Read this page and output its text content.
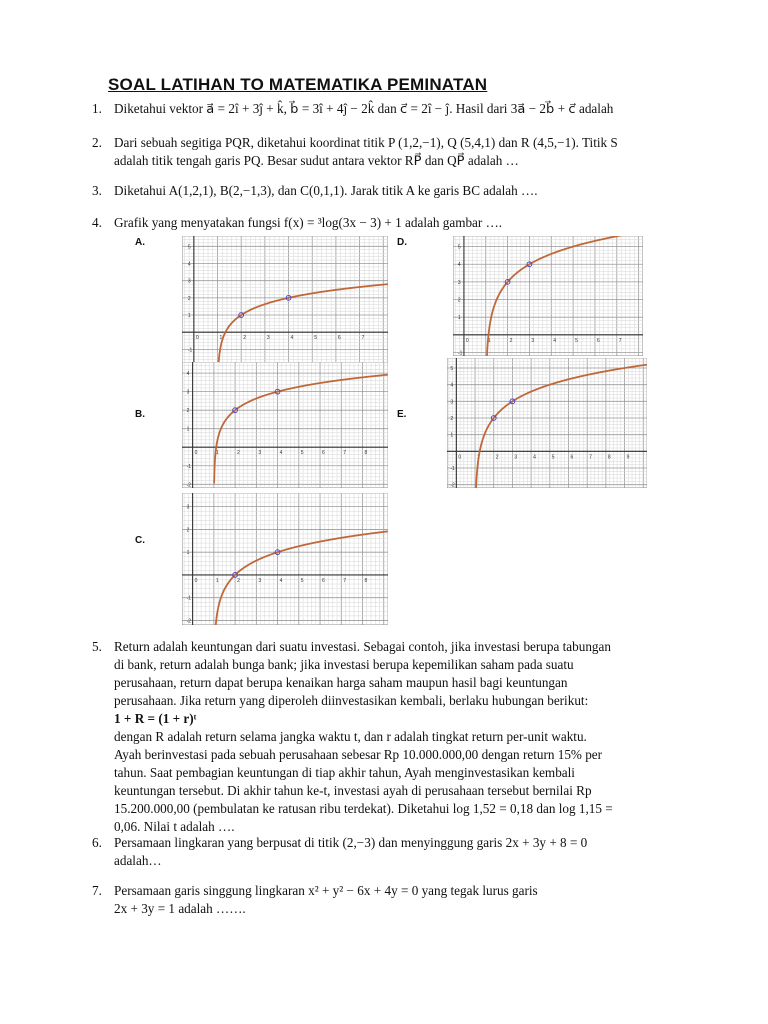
SOAL LATIHAN TO MATEMATIKA PEMINATAN
1. Diketahui vektor a⃗ = 2î + 3ĵ + k̂, b⃗ = 3î + 4ĵ − 2k̂ dan c⃗ = 2î − ĵ. Hasil dari 3a⃗ − 2b⃗ + c⃗ adalah

2. Dari sebuah segitiga PQR, diketahui koordinat titik P (1,2,−1), Q (5,4,1) dan R (4,5,−1). Titik S

adalah titik tengah garis PQ. Besar sudut antara vektor RP⃗ dan QP⃗ adalah …

3. Diketahui A(1,2,1), B(2,−1,3), dan C(0,1,1). Jarak titik A ke garis BC adalah ….

4. Grafik yang menyatakan fungsi f(x) = ³log(3x − 3) + 1 adalah gambar ….

A.	D.
B.	E.
C.
0	1	2	3	4	5	6	7
5
4
3
2
1
-1
0	1	2	3	4	5	6	7
5
4
3
2
1
-1
0	1	2	3	4	5	6	7	8
4
3
2
1
-1
-2
0	1	2	3	4	5	6	7	8	9
5
4
3
2
1
-1
-2
0	1	2	3	4	5	6	7	8
3
2
1
-1
-2
5. Return adalah keuntungan dari suatu investasi. Sebagai contoh, jika investasi berupa tabungan

di bank, return adalah bunga bank; jika investasi berupa kepemilikan saham pada suatu

perusahaan, return dapat berupa kenaikan harga saham maupun hasil bagi keuntungan

perusahaan. Jika return yang diperoleh diinvestasikan kembali, berlaku hubungan berikut:

1 + R = (1 + r)ᵗ

dengan R adalah return selama jangka waktu t, dan r adalah tingkat return per-unit waktu.

Ayah berinvestasi pada sebuah perusahaan sebesar Rp 10.000.000,00 dengan return 15% per

tahun. Saat pembagian keuntungan di tiap akhir tahun, Ayah menginvestasikan kembali

keuntungan tersebut. Di akhir tahun ke-t, investasi ayah di perusahaan tersebut bernilai Rp

15.200.000,00 (pembulatan ke ratusan ribu terdekat). Diketahui log 1,52 = 0,18 dan log 1,15 =

0,06. Nilai t adalah ….

6. Persamaan lingkaran yang berpusat di titik (2,−3) dan menyinggung garis 2x + 3y + 8 = 0

adalah…

7. Persamaan garis singgung lingkaran x² + y² − 6x + 4y = 0 yang tegak lurus garis

2x + 3y = 1 adalah …….
